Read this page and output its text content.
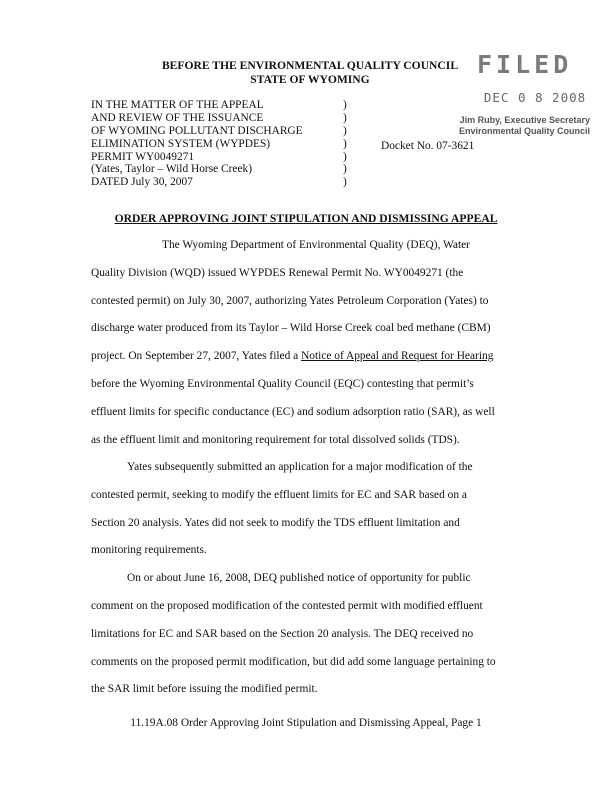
BEFORE THE ENVIRONMENTAL QUALITY COUNCIL
STATE OF WYOMING
FILED
DEC 0 8 2008
Jim Ruby, Executive Secretary
Environmental Quality Council
IN THE MATTER OF THE APPEAL	)
AND REVIEW OF THE ISSUANCE	)
OF WYOMING POLLUTANT DISCHARGE	)
ELIMINATION SYSTEM (WYPDES)	)
PERMIT WY0049271	)
(Yates, Taylor – Wild Horse Creek)	)
DATED July 30, 2007	)
Docket No. 07-3621
ORDER APPROVING JOINT STIPULATION AND DISMISSING APPEAL
The Wyoming Department of Environmental Quality (DEQ), Water
Quality Division (WQD) issued WYPDES Renewal Permit No. WY0049271 (the
contested permit) on July 30, 2007, authorizing Yates Petroleum Corporation (Yates) to
discharge water produced from its Taylor – Wild Horse Creek coal bed methane (CBM)
project. On September 27, 2007, Yates filed a Notice of Appeal and Request for Hearing
before the Wyoming Environmental Quality Council (EQC) contesting that permit’s
effluent limits for specific conductance (EC) and sodium adsorption ratio (SAR), as well
as the effluent limit and monitoring requirement for total dissolved solids (TDS).
Yates subsequently submitted an application for a major modification of the
contested permit, seeking to modify the effluent limits for EC and SAR based on a
Section 20 analysis. Yates did not seek to modify the TDS effluent limitation and
monitoring requirements.
On or about June 16, 2008, DEQ published notice of opportunity for public
comment on the proposed modification of the contested permit with modified effluent
limitations for EC and SAR based on the Section 20 analysis. The DEQ received no
comments on the proposed permit modification, but did add some language pertaining to
the SAR limit before issuing the modified permit.
11.19A.08 Order Approving Joint Stipulation and Dismissing Appeal, Page 1
